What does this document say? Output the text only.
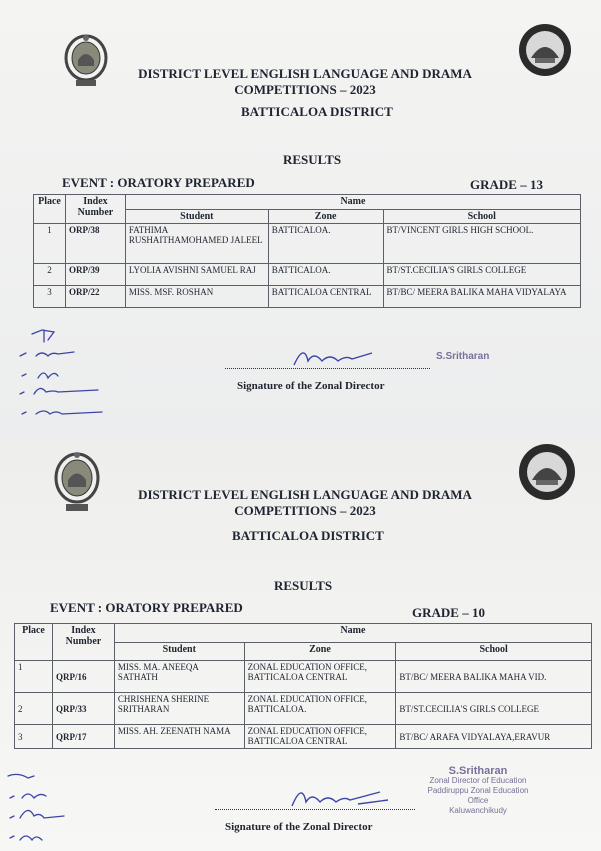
DISTRICT LEVEL ENGLISH LANGUAGE AND DRAMA
COMPETITIONS – 2023
BATTICALOA DISTRICT
RESULTS
EVENT : ORATORY PREPARED	GRADE – 13
Place	Index Number	Name		
		Student	Zone	School
1	ORP/38	FATHIMA RUSHAITHAMOHAMED JALEEL	BATTICALOA.	BT/VINCENT GIRLS HIGH SCHOOL.
2	ORP/39	LYOLIA AVISHNI SAMUEL RAJ	BATTICALOA.	BT/ST.CECILIA'S GIRLS COLLEGE
3	ORP/22	MISS. MSF. ROSHAN	BATTICALOA CENTRAL	BT/BC/ MEERA BALIKA MAHA VIDYALAYA
S.Sritharan
Signature of the Zonal Director
DISTRICT LEVEL ENGLISH LANGUAGE AND DRAMA
COMPETITIONS – 2023
BATTICALOA DISTRICT
RESULTS
EVENT : ORATORY PREPARED	GRADE – 10
Place	Index Number	Name		
		Student	Zone	School
1	QRP/16	MISS. MA. ANEEQA SATHATH	ZONAL EDUCATION OFFICE, BATTICALOA CENTRAL	BT/BC/ MEERA BALIKA MAHA VID.
2	QRP/33	CHRISHENA SHERINE SRITHARAN	ZONAL EDUCATION OFFICE, BATTICALOA.	BT/ST.CECILIA'S GIRLS COLLEGE
3	QRP/17	MISS. AH. ZEENATH NAMA	ZONAL EDUCATION OFFICE, BATTICALOA CENTRAL	BT/BC/ ARAFA VIDYALAYA,ERAVUR
S.Sritharan
Zonal Director of Education
Paddiruppu Zonal Education Office
Kaluwanchikudy
Signature of the Zonal Director
